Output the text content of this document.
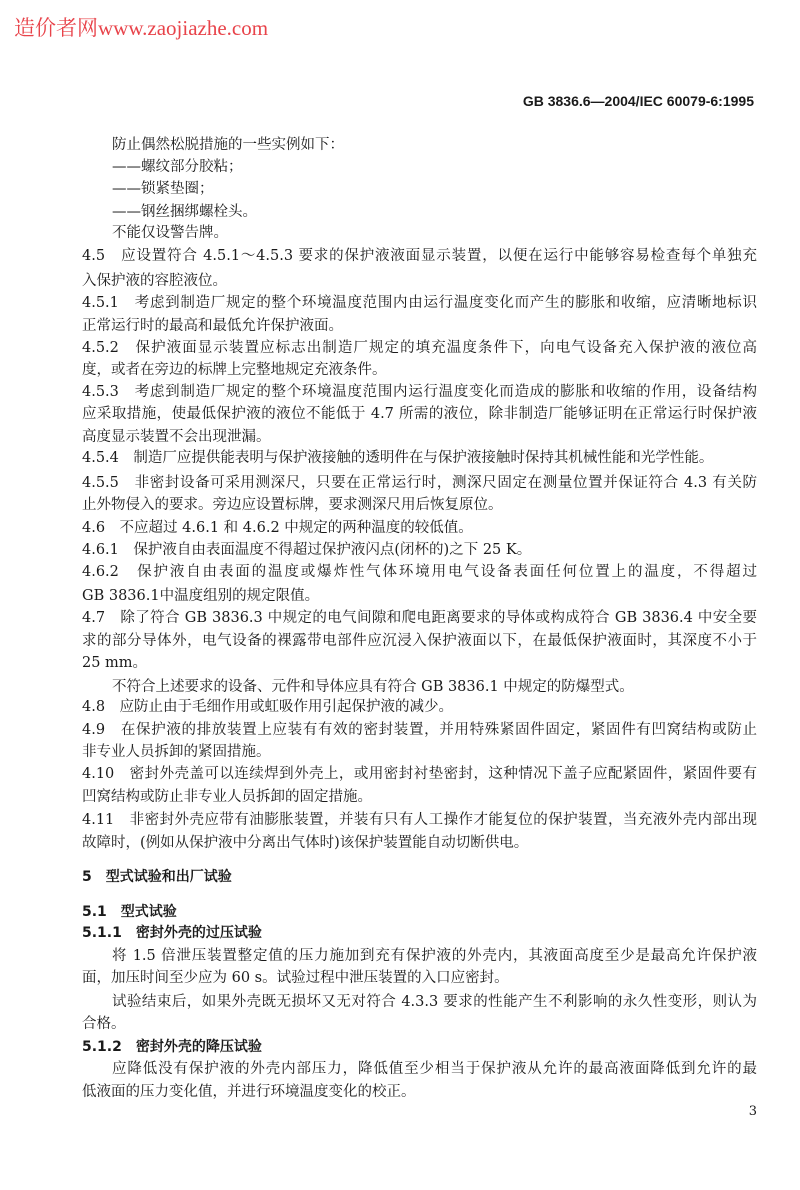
造价者网www.zaojiazhe.com
GB 3836.6—2004/IEC 60079-6:1995
防止偶然松脱措施的一些实例如下：
——螺纹部分胶粘；
——锁紧垫圈；
——钢丝捆绑螺栓头。
不能仅设警告牌。
4.5　应设置符合 4.5.1～4.5.3 要求的保护液液面显示装置，以便在运行中能够容易检查每个单独充
入保护液的容腔液位。
4.5.1　考虑到制造厂规定的整个环境温度范围内由运行温度变化而产生的膨胀和收缩，应清晰地标识
正常运行时的最高和最低允许保护液面。
4.5.2　保护液面显示装置应标志出制造厂规定的填充温度条件下，向电气设备充入保护液的液位高
度，或者在旁边的标牌上完整地规定充液条件。
4.5.3　考虑到制造厂规定的整个环境温度范围内运行温度变化而造成的膨胀和收缩的作用，设备结构
应采取措施，使最低保护液的液位不能低于 4.7 所需的液位，除非制造厂能够证明在正常运行时保护液
高度显示装置不会出现泄漏。
4.5.4　制造厂应提供能表明与保护液接触的透明件在与保护液接触时保持其机械性能和光学性能。
4.5.5　非密封设备可采用测深尺，只要在正常运行时，测深尺固定在测量位置并保证符合 4.3 有关防
止外物侵入的要求。旁边应设置标牌，要求测深尺用后恢复原位。
4.6　不应超过 4.6.1 和 4.6.2 中规定的两种温度的较低值。
4.6.1　保护液自由表面温度不得超过保护液闪点(闭杯的)之下 25 K。
4.6.2　保护液自由表面的温度或爆炸性气体环境用电气设备表面任何位置上的温度，不得超过
GB 3836.1中温度组别的规定限值。
4.7　除了符合 GB 3836.3 中规定的电气间隙和爬电距离要求的导体或构成符合 GB 3836.4 中安全要
求的部分导体外，电气设备的裸露带电部件应沉浸入保护液面以下，在最低保护液面时，其深度不小于
25 mm。
不符合上述要求的设备、元件和导体应具有符合 GB 3836.1 中规定的防爆型式。
4.8　应防止由于毛细作用或虹吸作用引起保护液的减少。
4.9　在保护液的排放装置上应装有有效的密封装置，并用特殊紧固件固定，紧固件有凹窝结构或防止
非专业人员拆卸的紧固措施。
4.10　密封外壳盖可以连续焊到外壳上，或用密封衬垫密封，这种情况下盖子应配紧固件，紧固件要有
凹窝结构或防止非专业人员拆卸的固定措施。
4.11　非密封外壳应带有油膨胀装置，并装有只有人工操作才能复位的保护装置，当充液外壳内部出现
故障时，(例如从保护液中分离出气体时)该保护装置能自动切断供电。
5　型式试验和出厂试验
5.1　型式试验
5.1.1　密封外壳的过压试验
将 1.5 倍泄压装置整定值的压力施加到充有保护液的外壳内，其液面高度至少是最高允许保护液
面，加压时间至少应为 60 s。试验过程中泄压装置的入口应密封。
试验结束后，如果外壳既无损坏又无对符合 4.3.3 要求的性能产生不利影响的永久性变形，则认为
合格。
5.1.2　密封外壳的降压试验
应降低没有保护液的外壳内部压力，降低值至少相当于保护液从允许的最高液面降低到允许的最
低液面的压力变化值，并进行环境温度变化的校正。
3
